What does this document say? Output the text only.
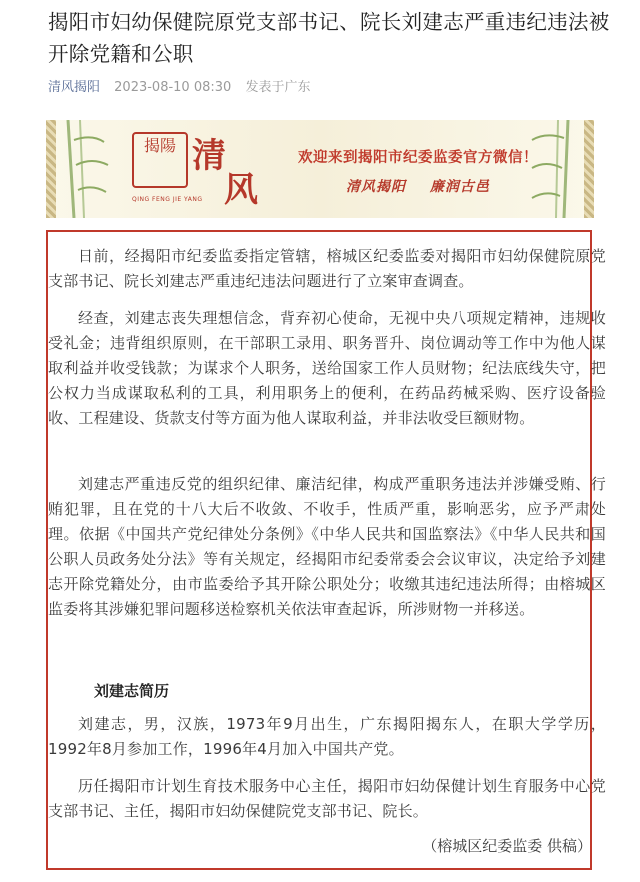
揭阳市妇幼保健院原党支部书记、院长刘建志严重违纪违法被开除党籍和公职
清风揭阳 2023-08-10 08:30 发表于广东
揭陽 清
风
QING FENG JIE YANG
欢迎来到揭阳市纪委监委官方微信！
清风揭阳 廉润古邑

日前，经揭阳市纪委监委指定管辖，榕城区纪委监委对揭阳市妇幼保健院原党支部书记、院长刘建志严重违纪违法问题进行了立案审查调查。

经查，刘建志丧失理想信念，背弃初心使命，无视中央八项规定精神，违规收受礼金；违背组织原则，在干部职工录用、职务晋升、岗位调动等工作中为他人谋取利益并收受钱款；为谋求个人职务，送给国家工作人员财物；纪法底线失守，把公权力当成谋取私利的工具，利用职务上的便利，在药品药械采购、医疗设备验收、工程建设、货款支付等方面为他人谋取利益，并非法收受巨额财物。

刘建志严重违反党的组织纪律、廉洁纪律，构成严重职务违法并涉嫌受贿、行贿犯罪，且在党的十八大后不收敛、不收手，性质严重，影响恶劣，应予严肃处理。依据《中国共产党纪律处分条例》《中华人民共和国监察法》《中华人民共和国公职人员政务处分法》等有关规定，经揭阳市纪委常委会会议审议，决定给予刘建志开除党籍处分，由市监委给予其开除公职处分；收缴其违纪违法所得；由榕城区监委将其涉嫌犯罪问题移送检察机关依法审查起诉，所涉财物一并移送。

刘建志简历

刘建志，男，汉族，1973年9月出生，广东揭阳揭东人，在职大学学历，1992年8月参加工作，1996年4月加入中国共产党。

历任揭阳市计划生育技术服务中心主任，揭阳市妇幼保健计划生育服务中心党支部书记、主任，揭阳市妇幼保健院党支部书记、院长。

（榕城区纪委监委 供稿）
